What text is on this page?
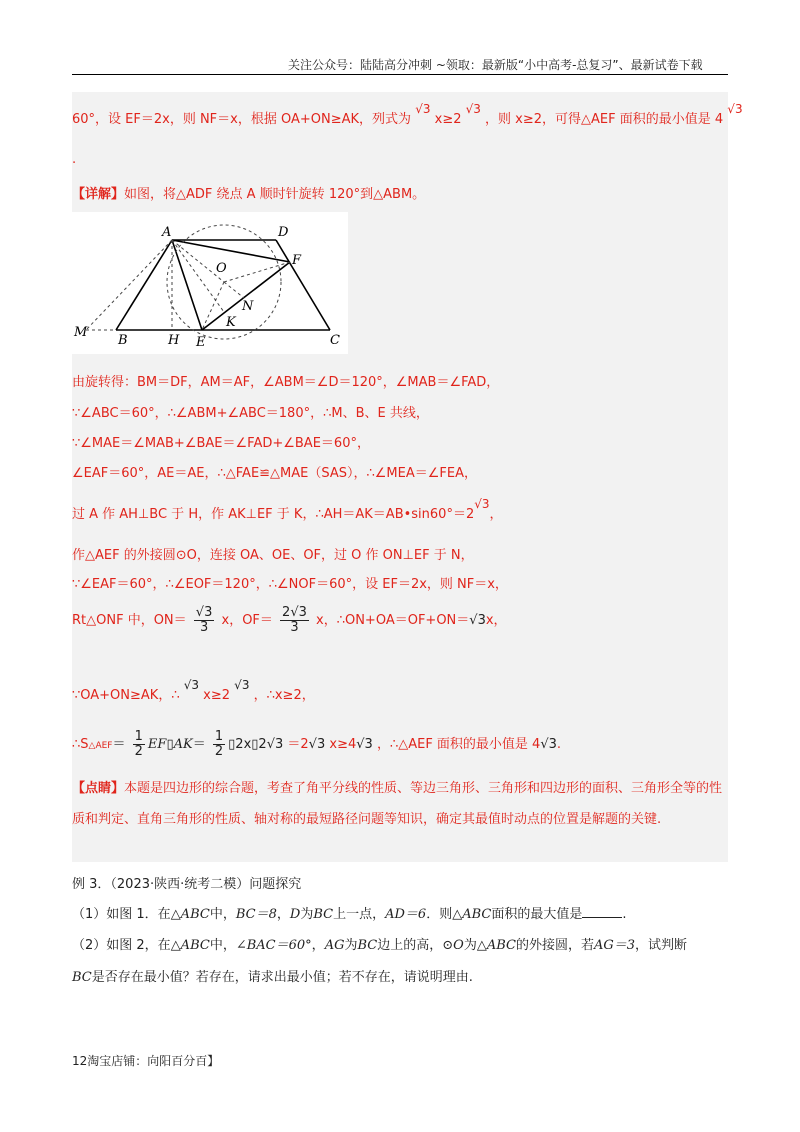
关注公众号：陆陆高分冲刺 ~领取：最新版“小中高考-总复习”、最新试卷下载
60°，设 EF＝2x，则 NF＝x，根据 OA+ON≥AK，列式为 √3 x≥2 √3 ，则 x≥2，可得△AEF 面积的最小值是 4 √3
.
【详解】如图，将△ADF 绕点 A 顺时针旋转 120°到△ABM。
A	D
F
O
N
K
M
B	H E	C
由旋转得：BM＝DF，AM＝AF，∠ABM＝∠D＝120°，∠MAB＝∠FAD，
∵∠ABC＝60°，∴∠ABM+∠ABC＝180°，∴M、B、E 共线，
∵∠MAE＝∠MAB+∠BAE＝∠FAD+∠BAE＝60°，
∠EAF＝60°，AE＝AE，∴△FAE≌△MAE（SAS），∴∠MEA＝∠FEA，
过 A 作 AH⊥BC 于 H，作 AK⊥EF 于 K，∴AH＝AK＝AB•sin60°＝2√3，
作△AEF 的外接圆⊙O，连接 OA、OE、OF，过 O 作 ON⊥EF 于 N，
∵∠EAF＝60°，∴∠EOF＝120°，∴∠NOF＝60°，设 EF＝2x，则 NF＝x，
Rt△ONF 中，$ON= \frac{√3}{3}$ x，$OF= \frac{2√3}{3}$ x，∴ON+OA＝OF+ON＝√3x，
∵OA+ON≥AK，∴ √3 x≥2 √3 ，∴x≥2，
∴S△AEF＝ $\frac{1}{2}$ EF▯AK＝ $\frac{1}{2}$ ▯2x▯2√3 ＝2√3 x≥4√3 ，∴△AEF 面积的最小值是 4√3.
【点睛】本题是四边形的综合题，考查了角平分线的性质、等边三角形、三角形和四边形的面积、三角形全等的性质和判定、直角三角形的性质、轴对称的最短路径问题等知识，确定其最值时动点的位置是解题的关键.
例 3．（2023·陕西·统考二模）问题探究
（1）如图 1．在△ABC中，BC＝8，D为BC上一点，AD＝6．则△ABC面积的最大值是	.
（2）如图 2，在△ABC中，∠BAC＝60°，AG为BC边上的高，⊙O为△ABC的外接圆，若AG＝3，试判断
BC是否存在最小值？若存在，请求出最小值；若不存在，请说明理由.
12淘宝店铺：向阳百分百】
